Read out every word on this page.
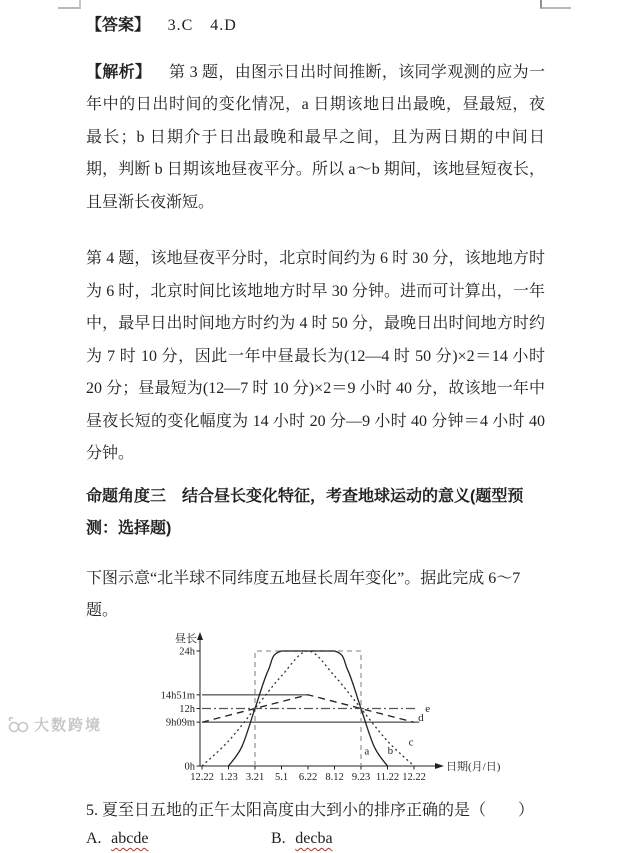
【答案】 3.C　4.D

【解析】 第 3 题，由图示日出时间推断，该同学观测的应为一年中的日出时间的变化情况，a 日期该地日出最晚，昼最短，夜最长；b 日期介于日出最晚和最早之间，且为两日期的中间日期，判断 b 日期该地昼夜平分。所以 a～b 期间，该地昼短夜长，且昼渐长夜渐短。

第 4 题，该地昼夜平分时，北京时间约为 6 时 30 分，该地地方时为 6 时，北京时间比该地地方时早 30 分钟。进而可计算出，一年中，最早日出时间地方时约为 4 时 50 分，最晚日出时间地方时约为 7 时 10 分，因此一年中昼最长为(12—4 时 50 分)×2＝14 小时 20 分；昼最短为(12—7 时 10 分)×2＝9 小时 40 分，故该地一年中昼夜长短的变化幅度为 14 小时 20 分—9 小时 40 分钟＝4 小时 40 分钟。

命题角度三　结合昼长变化特征，考查地球运动的意义(题型预测：选择题)

下图示意“北半球不同纬度五地昼长周年变化”。据此完成 6～7 题。

昼长
日期(月/日)
0h
9h09m
12h
14h51m
24h
12.22 1.23 3.21 5.1 6.22 8.12 9.23 11.22 12.22
a b
c
d
e

5. 夏至日五地的正午太阳高度由大到小的排序正确的是（　　）

A. abcde	B. decba
大数跨境
